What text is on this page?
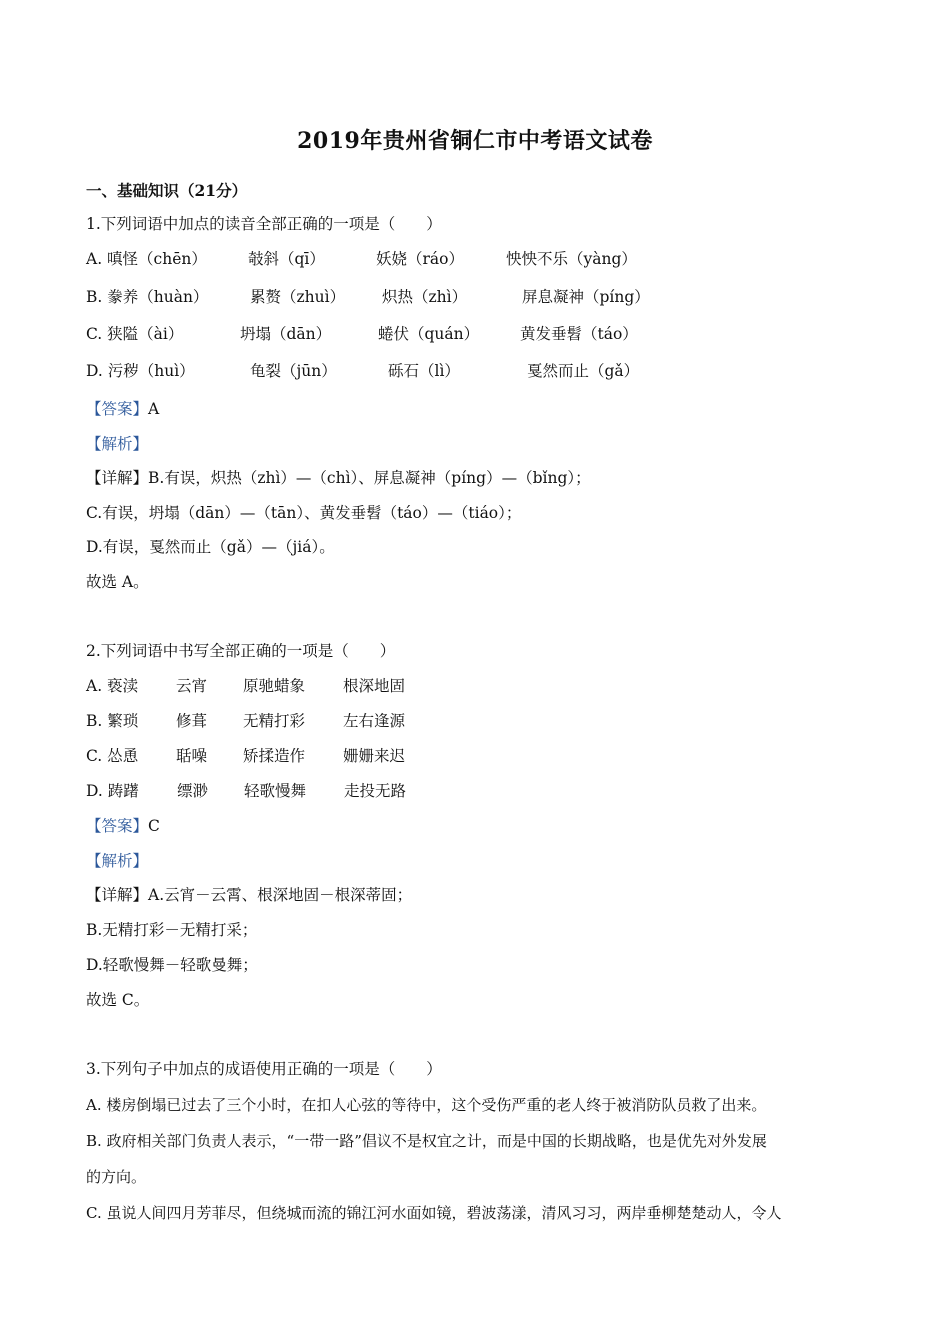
2019年贵州省铜仁市中考语文试卷
一、基础知识（21分）
1.下列词语中加点的读音全部正确的一项是（　　）
A. 嗔怪（chēn）	攲斜（qī）	妖娆（ráo）	怏怏不乐（yàng）
B. 豢养（huàn）	累赘（zhuì） 炽热（zhì）	屏息凝神（píng）
C. 狭隘（ài）	坍塌（dān）	蜷伏（quán）	黄发垂髫（táo）
D. 污秽（huì）	龟裂（jūn）	砾石（lì）	戛然而止（gǎ）
【答案】A
【解析】
【详解】B.有误，炽热（zhì）—（chì）、屏息凝神（píng）—（bǐng）；
C.有误，坍塌（dān）—（tān）、黄发垂髫（táo）—（tiáo）；
D.有误，戛然而止（gǎ）—（jiá）。
故选 A。
2.下列词语中书写全部正确的一项是（　　）
A. 亵渎 云宵 原驰蜡象 根深地固
B. 繁琐 修葺 无精打彩 左右逢源
C. 怂恿 聒噪 矫揉造作 姗姗来迟
D. 踌躇 缥渺 轻歌慢舞 走投无路
【答案】C
【解析】
【详解】A.云宵－云霄、根深地固－根深蒂固；
B.无精打彩－无精打采；
D.轻歌慢舞－轻歌曼舞；
故选 C。
3.下列句子中加点的成语使用正确的一项是（　　）
A. 楼房倒塌已过去了三个小时，在扣人心弦的等待中，这个受伤严重的老人终于被消防队员救了出来。
B. 政府相关部门负责人表示，“一带一路”倡议不是权宜之计，而是中国的长期战略，也是优先对外发展
的方向。
C. 虽说人间四月芳菲尽，但绕城而流的锦江河水面如镜，碧波荡漾，清风习习，两岸垂柳楚楚动人，令人
